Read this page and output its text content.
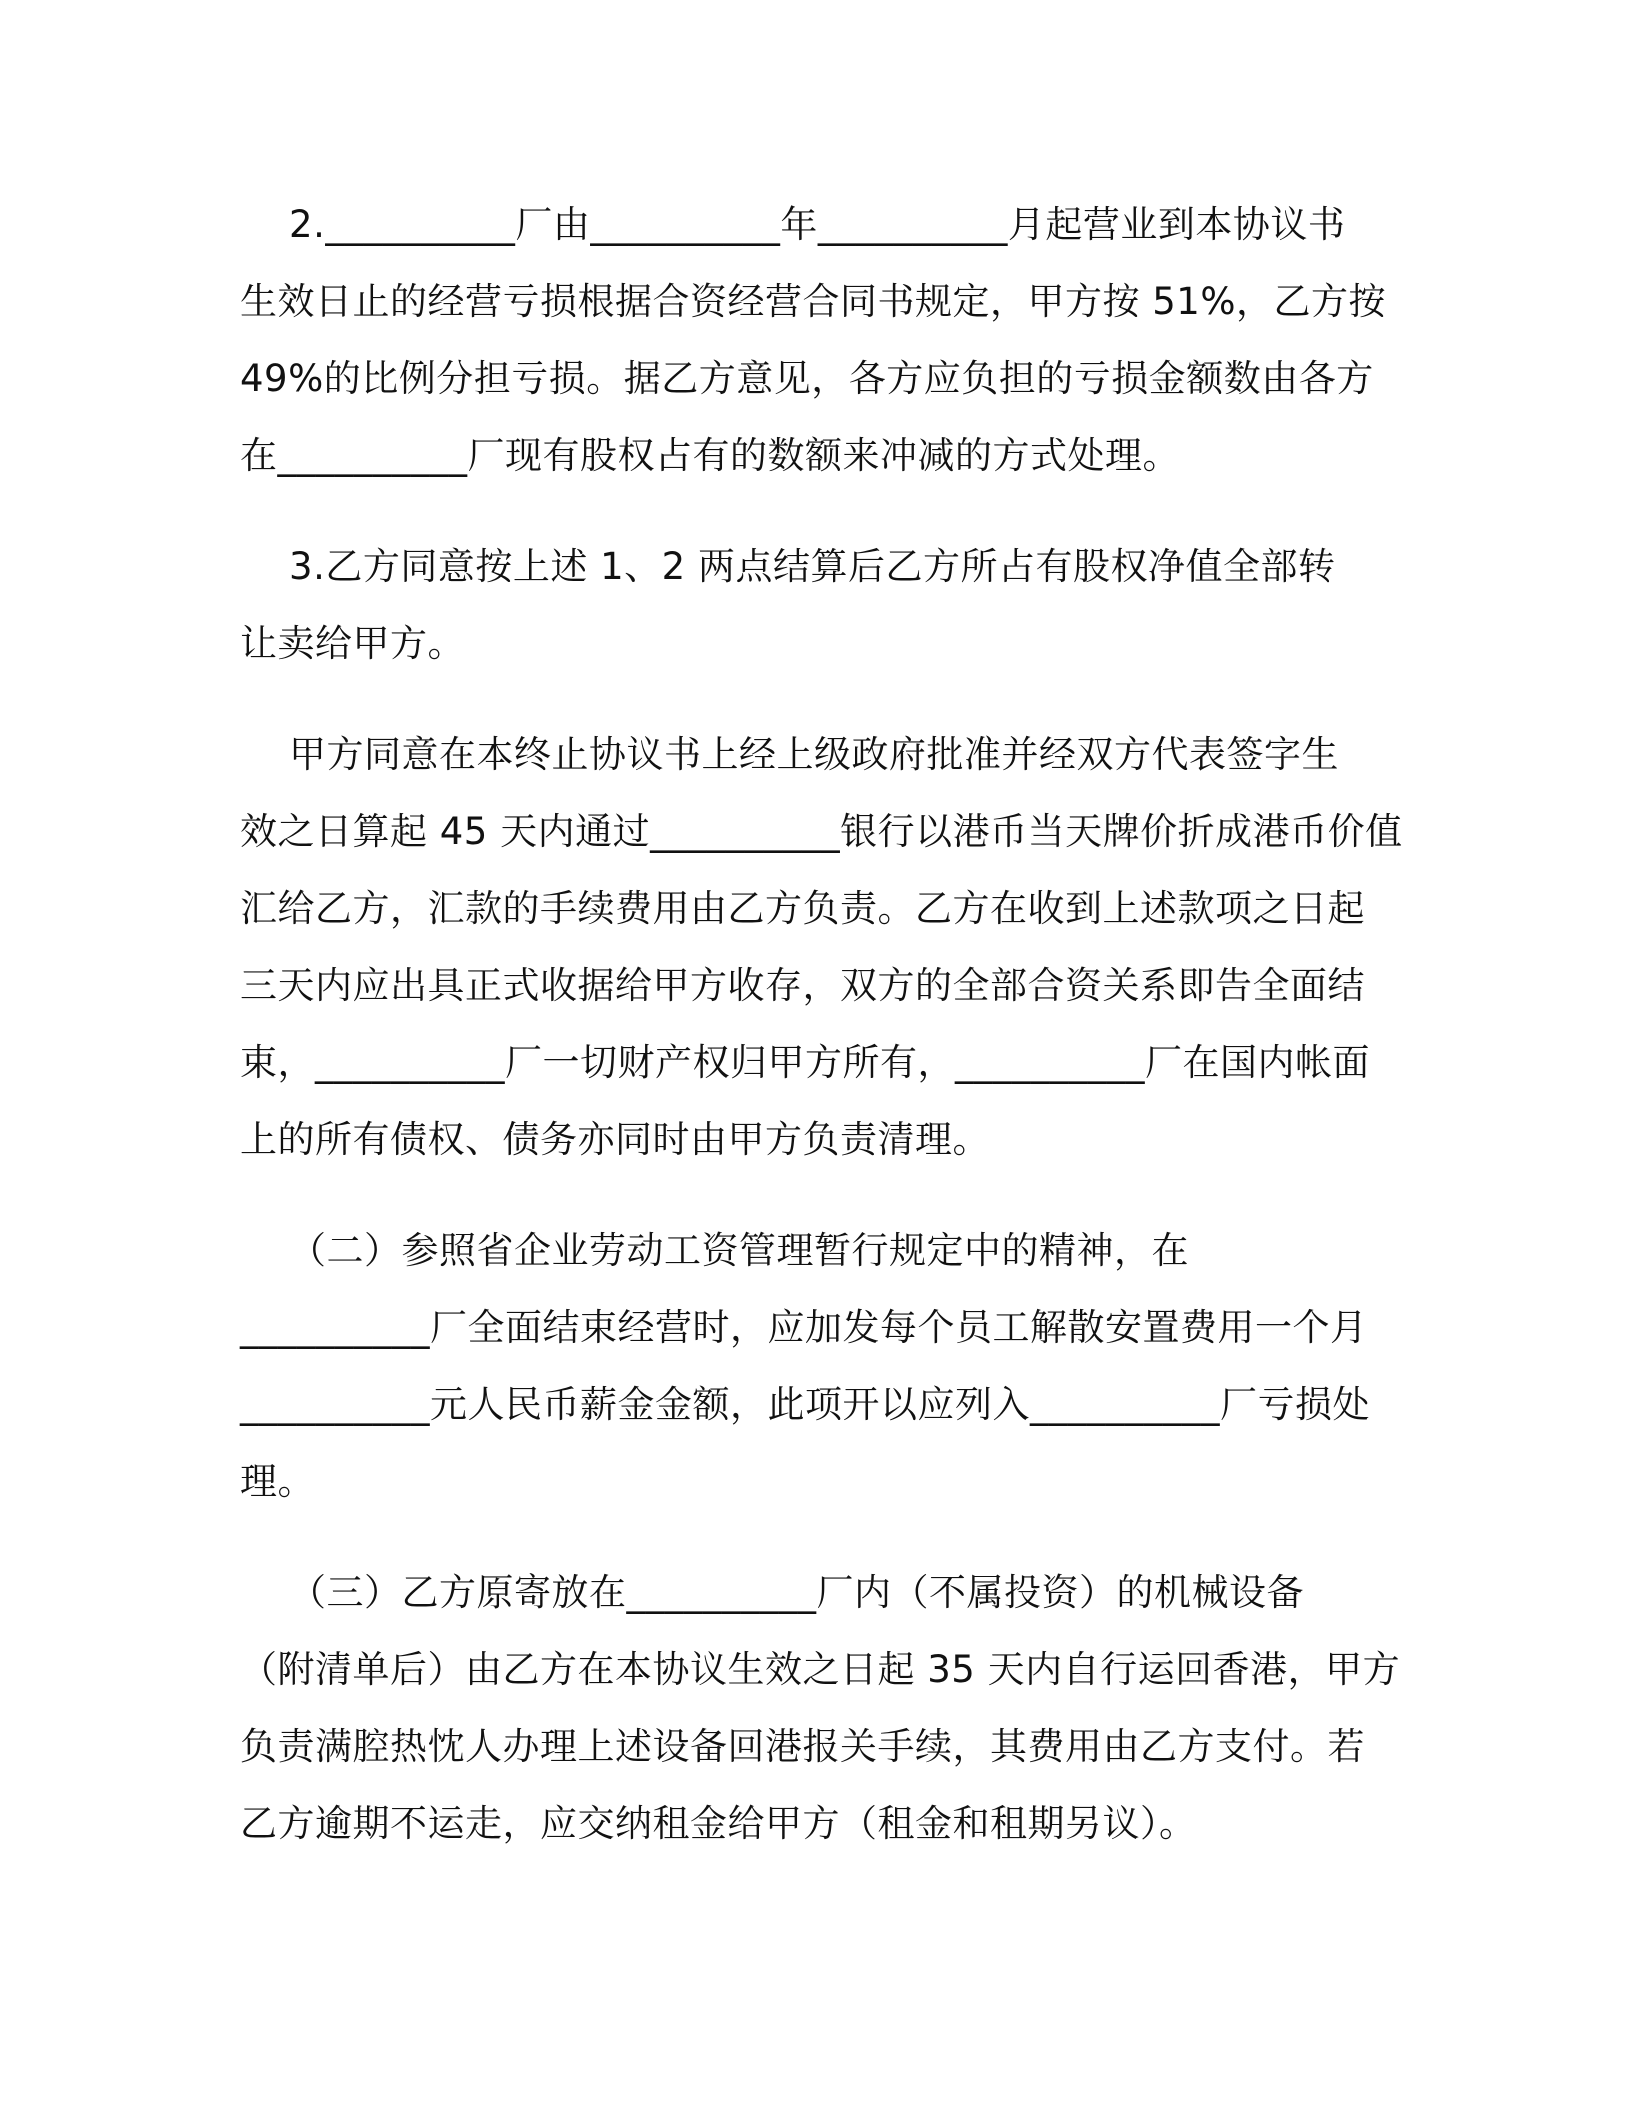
2.__________厂由__________年__________月起营业到本协议书
生效日止的经营亏损根据合资经营合同书规定，甲方按 51%，乙方按
49%的比例分担亏损。据乙方意见，各方应负担的亏损金额数由各方
在__________厂现有股权占有的数额来冲减的方式处理。
3.乙方同意按上述 1、2 两点结算后乙方所占有股权净值全部转
让卖给甲方。
甲方同意在本终止协议书上经上级政府批准并经双方代表签字生
效之日算起 45 天内通过__________银行以港币当天牌价折成港币价值
汇给乙方，汇款的手续费用由乙方负责。乙方在收到上述款项之日起
三天内应出具正式收据给甲方收存，双方的全部合资关系即告全面结
束，__________厂一切财产权归甲方所有，__________厂在国内帐面
上的所有债权、债务亦同时由甲方负责清理。
（二）参照省企业劳动工资管理暂行规定中的精神，在
__________厂全面结束经营时，应加发每个员工解散安置费用一个月
__________元人民币薪金金额，此项开以应列入__________厂亏损处
理。
（三）乙方原寄放在__________厂内（不属投资）的机械设备
（附清单后）由乙方在本协议生效之日起 35 天内自行运回香港，甲方
负责满腔热忱人办理上述设备回港报关手续，其费用由乙方支付。若
乙方逾期不运走，应交纳租金给甲方（租金和租期另议）。
